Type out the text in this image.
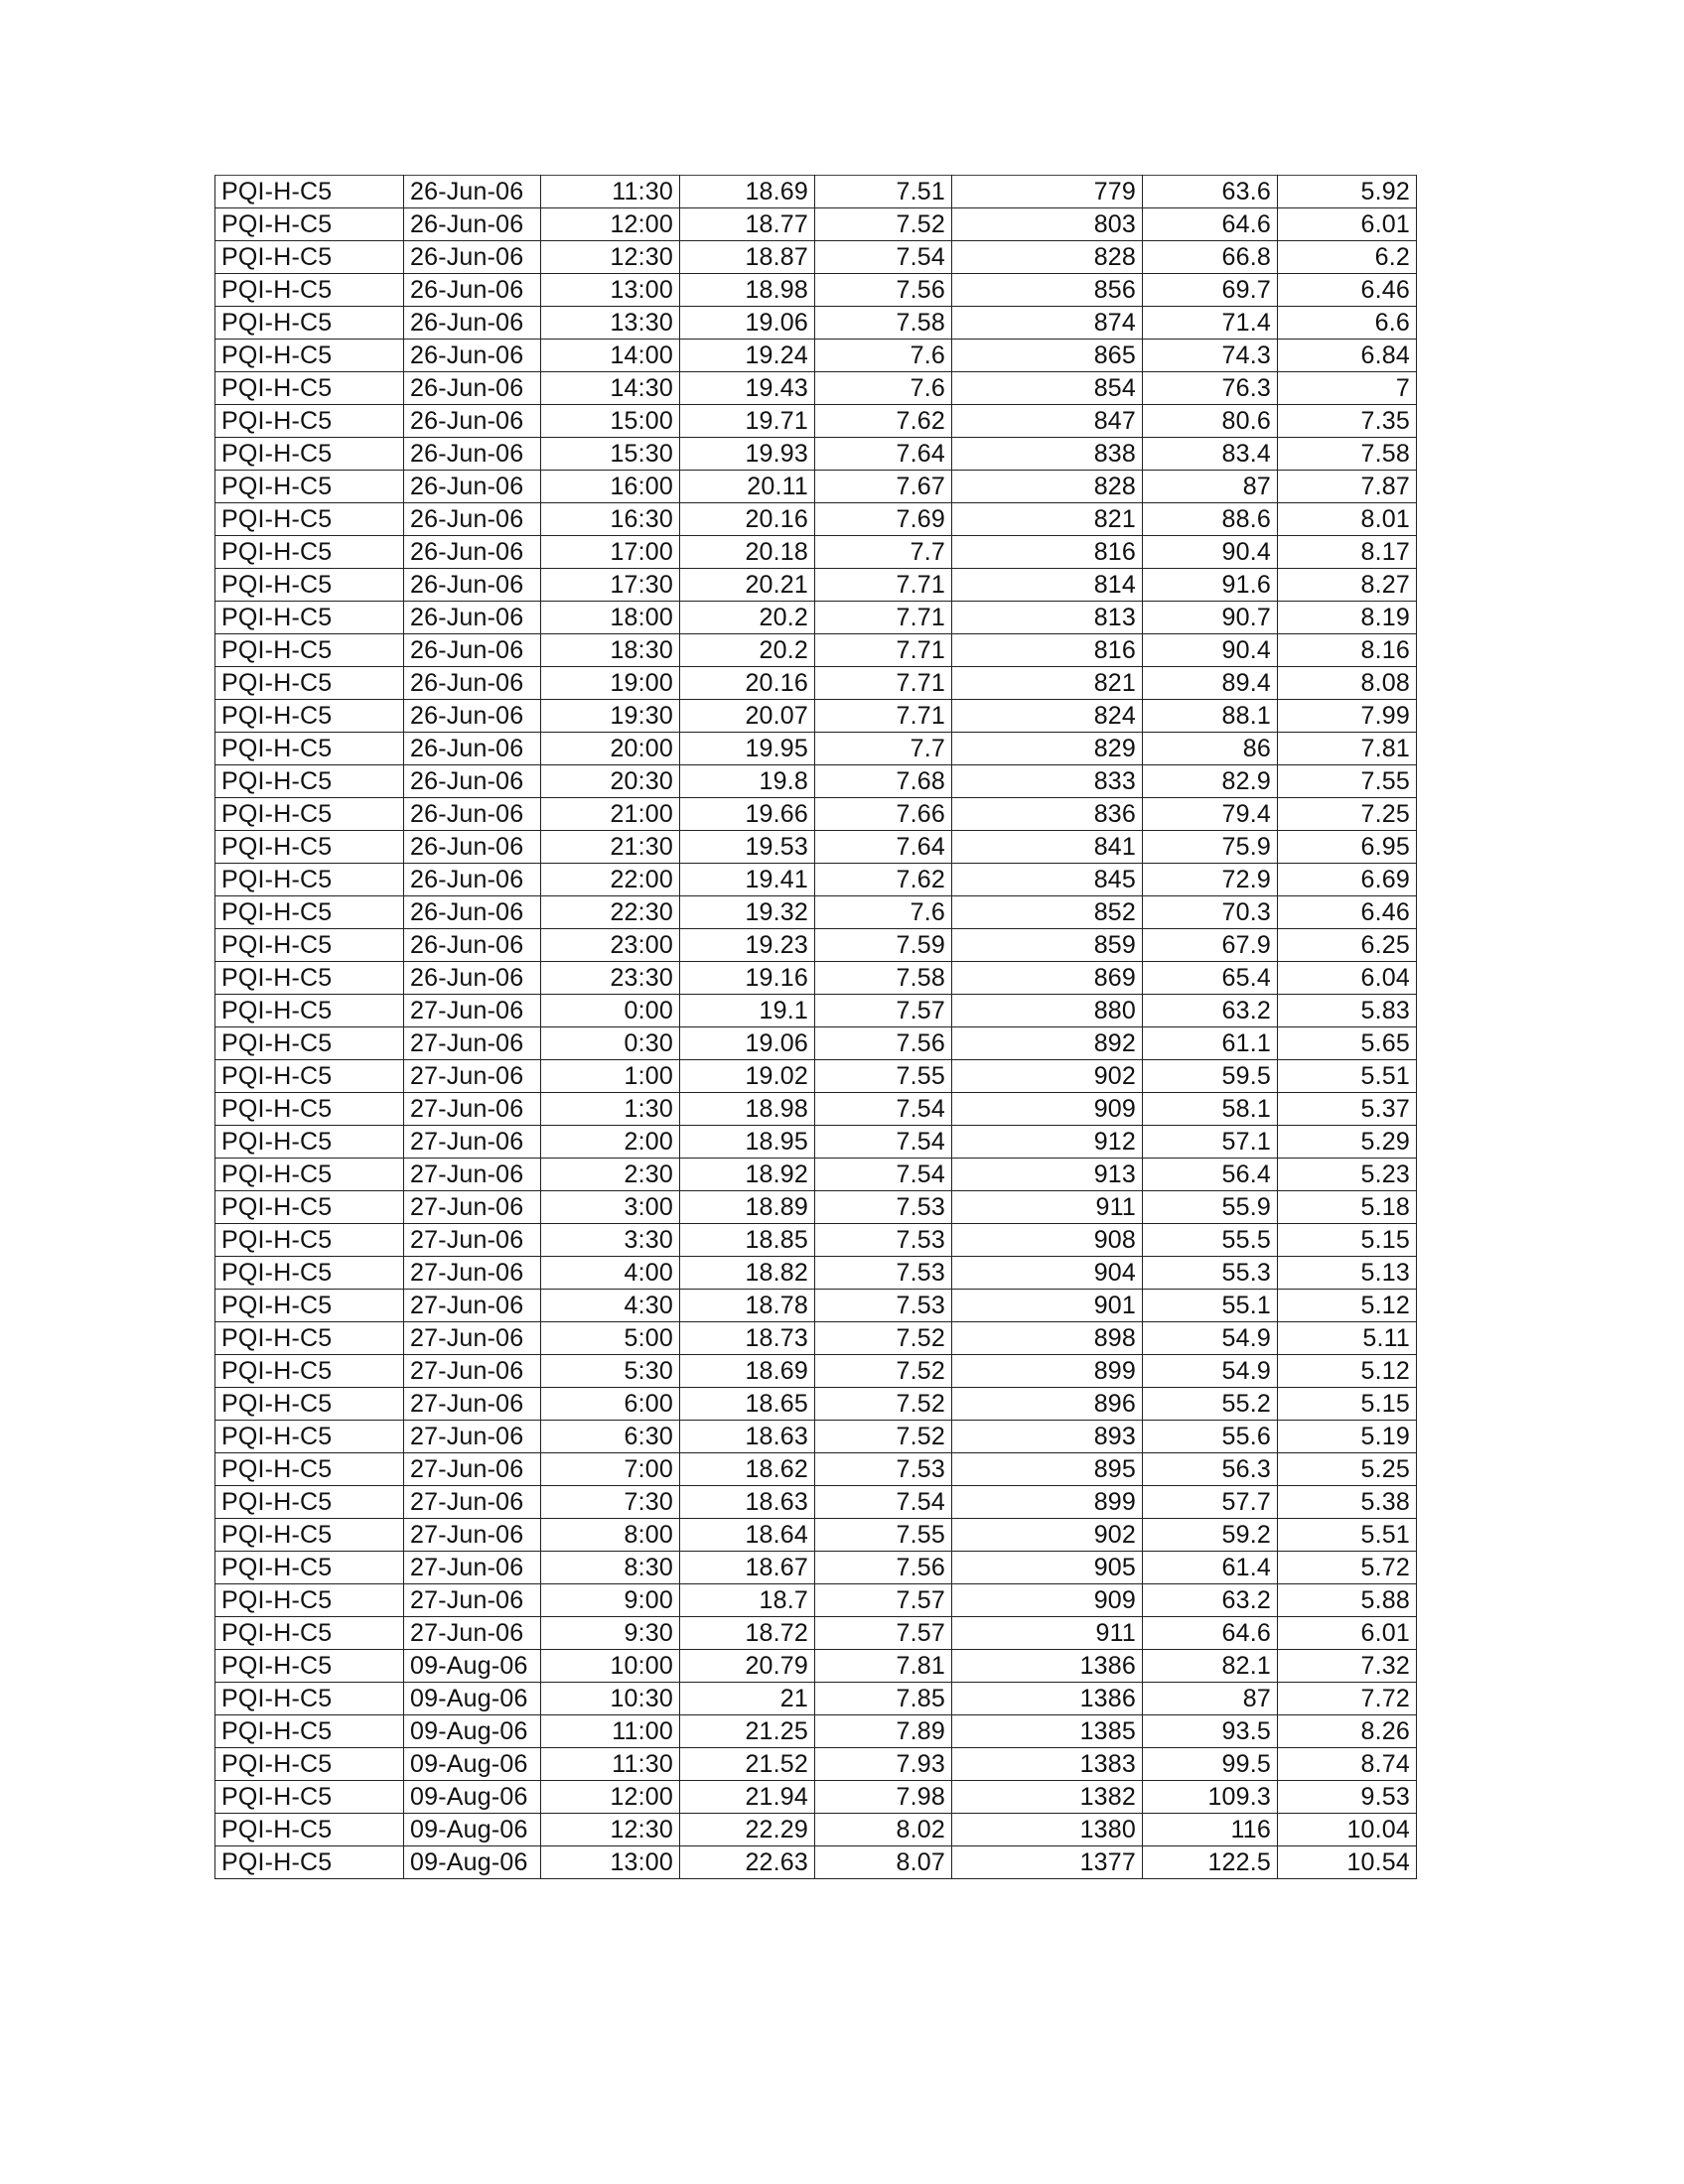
PQI-H-C5	26-Jun-06	11:30	18.69	7.51	779	63.6	5.92
PQI-H-C5	26-Jun-06	12:00	18.77	7.52	803	64.6	6.01
PQI-H-C5	26-Jun-06	12:30	18.87	7.54	828	66.8	6.2
PQI-H-C5	26-Jun-06	13:00	18.98	7.56	856	69.7	6.46
PQI-H-C5	26-Jun-06	13:30	19.06	7.58	874	71.4	6.6
PQI-H-C5	26-Jun-06	14:00	19.24	7.6	865	74.3	6.84
PQI-H-C5	26-Jun-06	14:30	19.43	7.6	854	76.3	7
PQI-H-C5	26-Jun-06	15:00	19.71	7.62	847	80.6	7.35
PQI-H-C5	26-Jun-06	15:30	19.93	7.64	838	83.4	7.58
PQI-H-C5	26-Jun-06	16:00	20.11	7.67	828	87	7.87
PQI-H-C5	26-Jun-06	16:30	20.16	7.69	821	88.6	8.01
PQI-H-C5	26-Jun-06	17:00	20.18	7.7	816	90.4	8.17
PQI-H-C5	26-Jun-06	17:30	20.21	7.71	814	91.6	8.27
PQI-H-C5	26-Jun-06	18:00	20.2	7.71	813	90.7	8.19
PQI-H-C5	26-Jun-06	18:30	20.2	7.71	816	90.4	8.16
PQI-H-C5	26-Jun-06	19:00	20.16	7.71	821	89.4	8.08
PQI-H-C5	26-Jun-06	19:30	20.07	7.71	824	88.1	7.99
PQI-H-C5	26-Jun-06	20:00	19.95	7.7	829	86	7.81
PQI-H-C5	26-Jun-06	20:30	19.8	7.68	833	82.9	7.55
PQI-H-C5	26-Jun-06	21:00	19.66	7.66	836	79.4	7.25
PQI-H-C5	26-Jun-06	21:30	19.53	7.64	841	75.9	6.95
PQI-H-C5	26-Jun-06	22:00	19.41	7.62	845	72.9	6.69
PQI-H-C5	26-Jun-06	22:30	19.32	7.6	852	70.3	6.46
PQI-H-C5	26-Jun-06	23:00	19.23	7.59	859	67.9	6.25
PQI-H-C5	26-Jun-06	23:30	19.16	7.58	869	65.4	6.04
PQI-H-C5	27-Jun-06	0:00	19.1	7.57	880	63.2	5.83
PQI-H-C5	27-Jun-06	0:30	19.06	7.56	892	61.1	5.65
PQI-H-C5	27-Jun-06	1:00	19.02	7.55	902	59.5	5.51
PQI-H-C5	27-Jun-06	1:30	18.98	7.54	909	58.1	5.37
PQI-H-C5	27-Jun-06	2:00	18.95	7.54	912	57.1	5.29
PQI-H-C5	27-Jun-06	2:30	18.92	7.54	913	56.4	5.23
PQI-H-C5	27-Jun-06	3:00	18.89	7.53	911	55.9	5.18
PQI-H-C5	27-Jun-06	3:30	18.85	7.53	908	55.5	5.15
PQI-H-C5	27-Jun-06	4:00	18.82	7.53	904	55.3	5.13
PQI-H-C5	27-Jun-06	4:30	18.78	7.53	901	55.1	5.12
PQI-H-C5	27-Jun-06	5:00	18.73	7.52	898	54.9	5.11
PQI-H-C5	27-Jun-06	5:30	18.69	7.52	899	54.9	5.12
PQI-H-C5	27-Jun-06	6:00	18.65	7.52	896	55.2	5.15
PQI-H-C5	27-Jun-06	6:30	18.63	7.52	893	55.6	5.19
PQI-H-C5	27-Jun-06	7:00	18.62	7.53	895	56.3	5.25
PQI-H-C5	27-Jun-06	7:30	18.63	7.54	899	57.7	5.38
PQI-H-C5	27-Jun-06	8:00	18.64	7.55	902	59.2	5.51
PQI-H-C5	27-Jun-06	8:30	18.67	7.56	905	61.4	5.72
PQI-H-C5	27-Jun-06	9:00	18.7	7.57	909	63.2	5.88
PQI-H-C5	27-Jun-06	9:30	18.72	7.57	911	64.6	6.01
PQI-H-C5	09-Aug-06	10:00	20.79	7.81	1386	82.1	7.32
PQI-H-C5	09-Aug-06	10:30	21	7.85	1386	87	7.72
PQI-H-C5	09-Aug-06	11:00	21.25	7.89	1385	93.5	8.26
PQI-H-C5	09-Aug-06	11:30	21.52	7.93	1383	99.5	8.74
PQI-H-C5	09-Aug-06	12:00	21.94	7.98	1382	109.3	9.53
PQI-H-C5	09-Aug-06	12:30	22.29	8.02	1380	116	10.04
PQI-H-C5	09-Aug-06	13:00	22.63	8.07	1377	122.5	10.54
